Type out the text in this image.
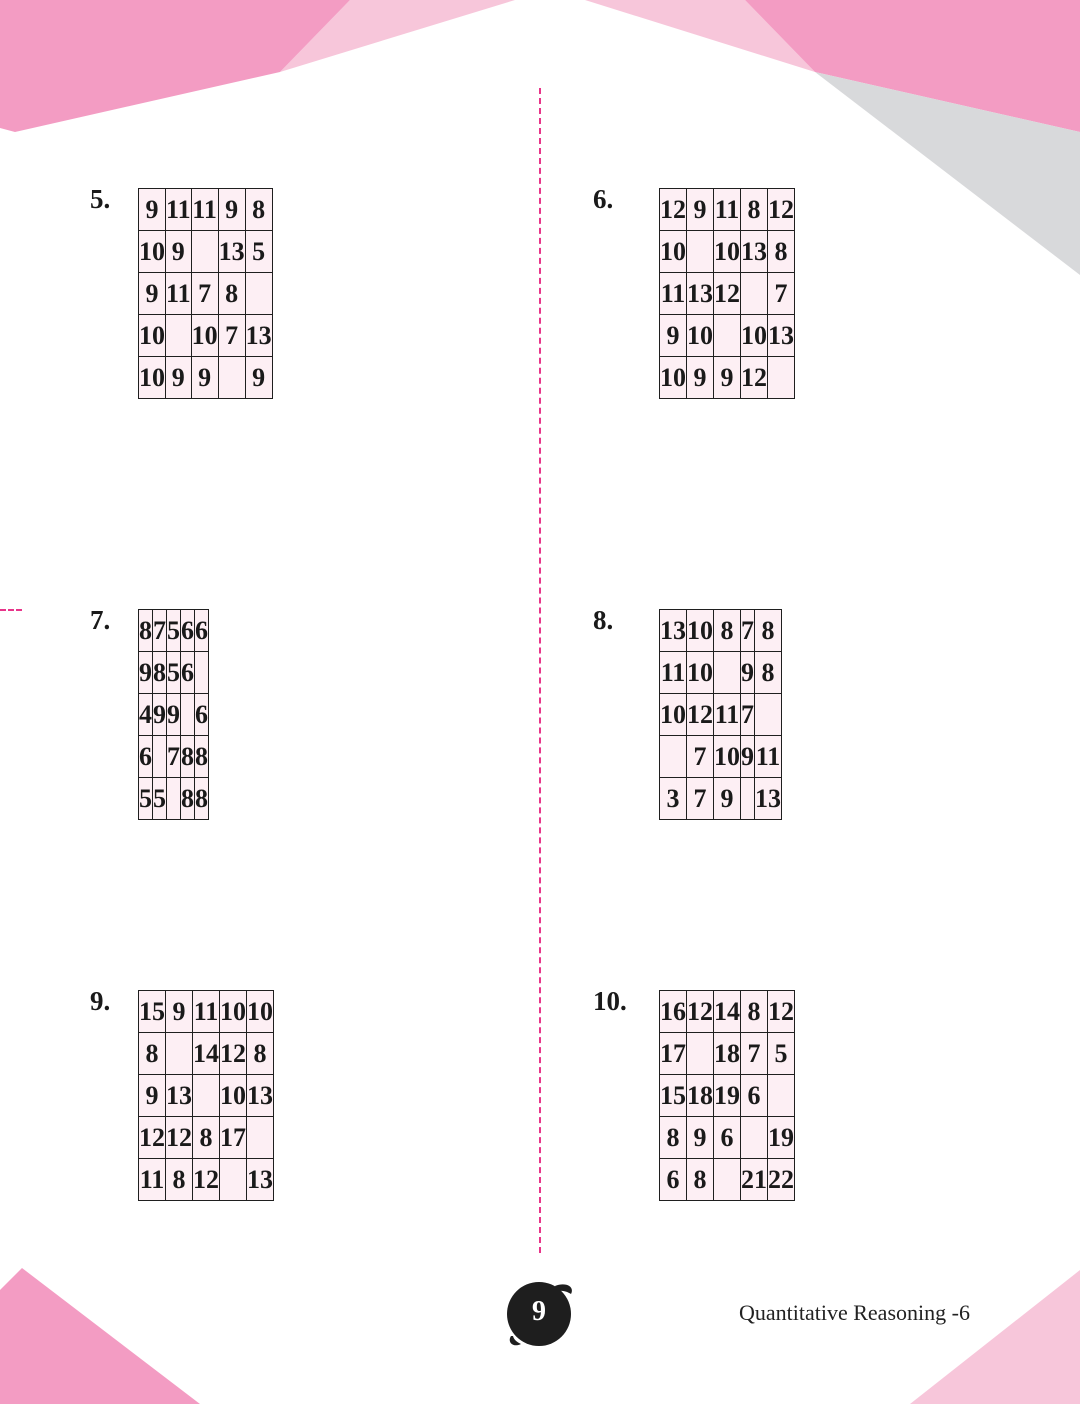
5. 9	11	11	9	8
10	9		13	5
9	11	7	8	
10		10	7	13
10	9	9		9
6. 12	9	11	8	12
10		10	13	8
11	13	12		7
9	10		10	13
10	9	9	12	
7. 8	7	5	6	6
9	8	5	6	
4	9	9		6
6		7	8	8
5	5		8	8
8. 13	10	8	7	8
11	10		9	8
10	12	11	7	
	7	10	9	11
3	7	9		13
9. 15	9	11	10	10
8		14	12	8
9	13		10	13
12	12	8	17	
11	8	12		13
10. 16	12	14	8	12
17		18	7	5
15	18	19	6	
8	9	6		19
6	8		21	22
9	Quantitative Reasoning -6
